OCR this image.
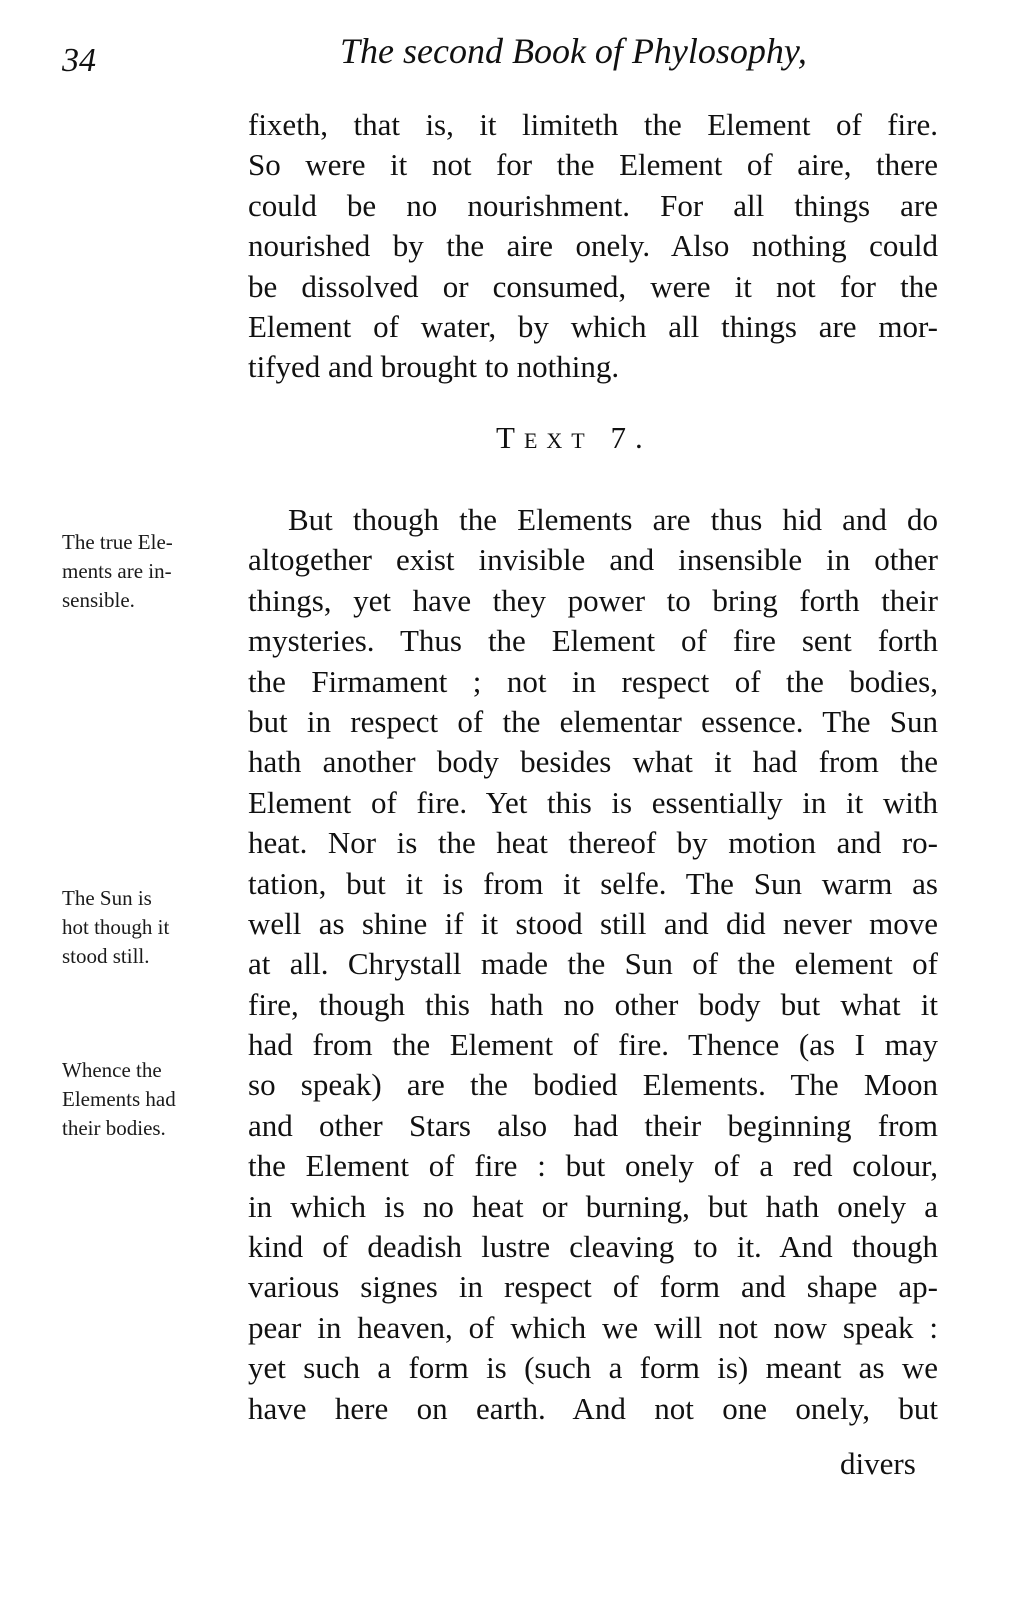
34	The second Book of Phylosophy,
fixeth, that is, it limiteth the Element of fire.
So were it not for the Element of aire, there
could be no nourishment. For all things are
nourished by the aire onely. Also nothing could
be dissolved or consumed, were it not for the
Element of water, by which all things are mor-
tifyed and brought to nothing.
TEXT 7.
But though the Elements are thus hid and do
altogether exist invisible and insensible in other
things, yet have they power to bring forth their
mysteries. Thus the Element of fire sent forth
the Firmament ; not in respect of the bodies,
but in respect of the elementar essence. The Sun
hath another body besides what it had from the
Element of fire. Yet this is essentially in it with
heat. Nor is the heat thereof by motion and ro-
tation, but it is from it selfe. The Sun warm as
well as shine if it stood still and did never move
at all. Chrystall made the Sun of the element of
fire, though this hath no other body but what it
had from the Element of fire. Thence (as I may
so speak) are the bodied Elements. The Moon
and other Stars also had their beginning from
the Element of fire : but onely of a red colour,
in which is no heat or burning, but hath onely a
kind of deadish lustre cleaving to it. And though
various signes in respect of form and shape ap-
pear in heaven, of which we will not now speak :
yet such a form is (such a form is) meant as we
have here on earth. And not one onely, but
The true Ele-
ments are in-
sensible.
The Sun is
hot though it
stood still.
Whence the
Elements had
their bodies.
divers
